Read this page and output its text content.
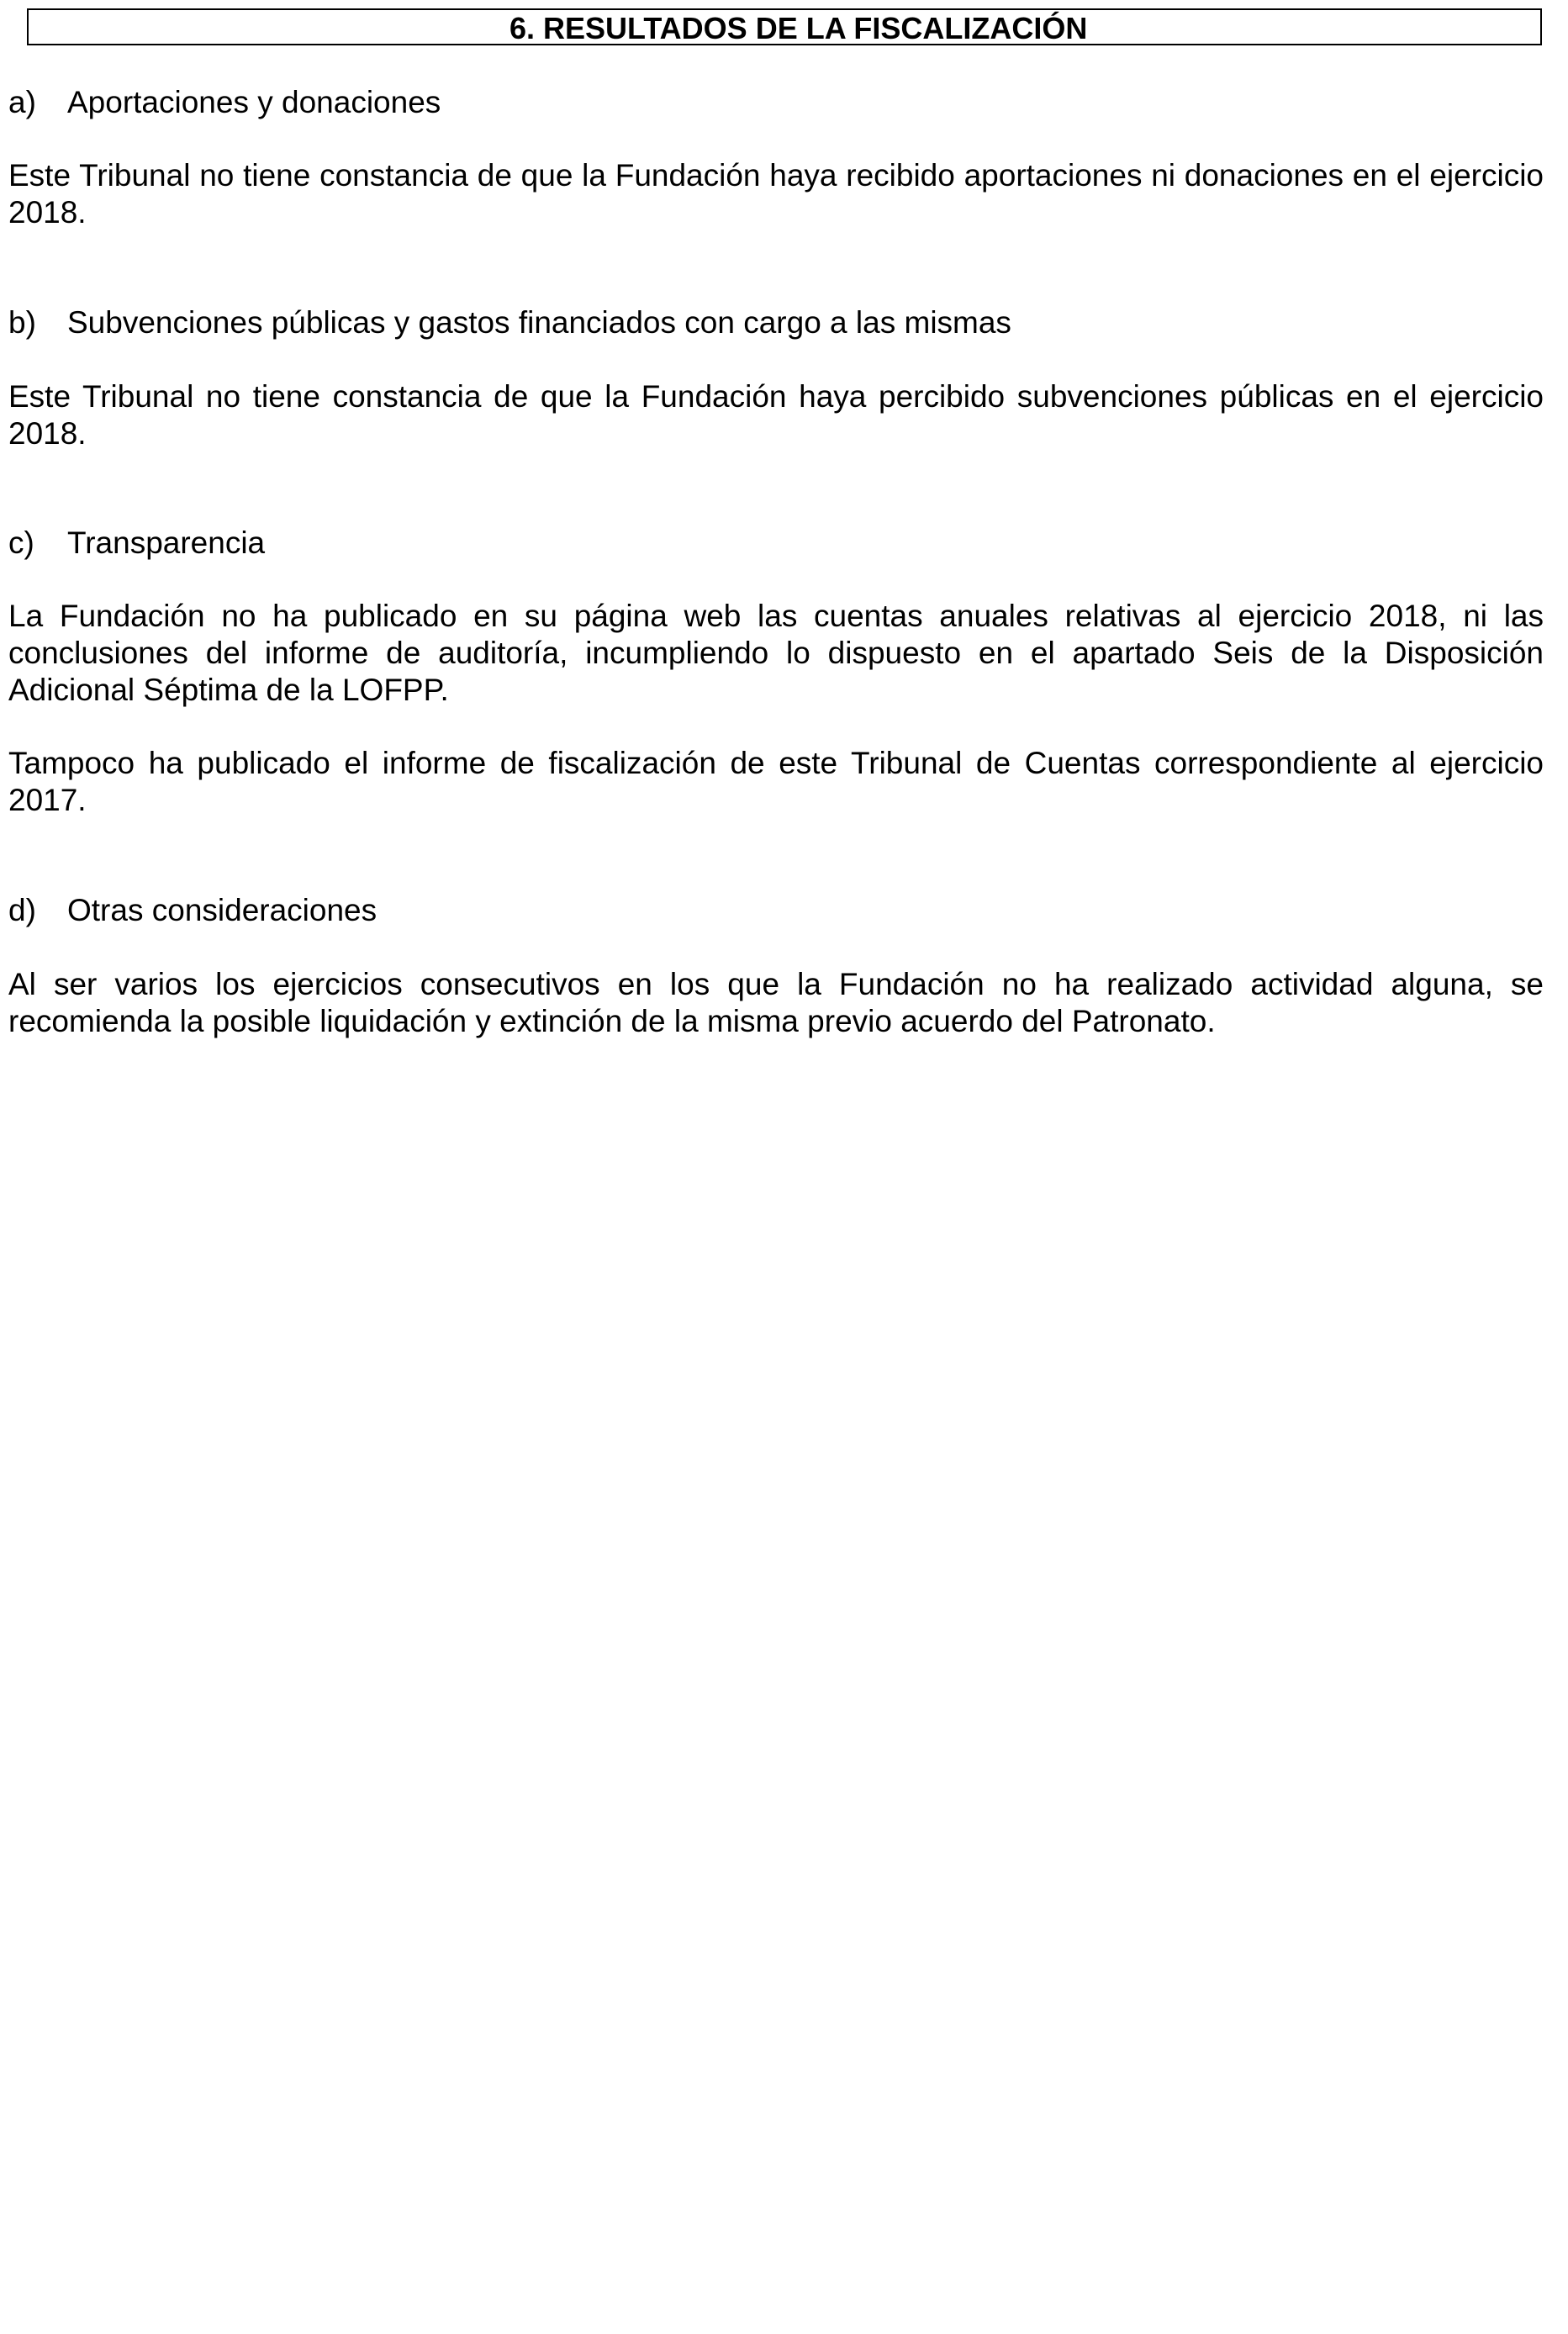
6. RESULTADOS DE LA FISCALIZACIÓN
a) Aportaciones y donaciones

Este Tribunal no tiene constancia de que la Fundación haya recibido aportaciones ni donaciones en el ejercicio 2018.

b) Subvenciones públicas y gastos financiados con cargo a las mismas

Este Tribunal no tiene constancia de que la Fundación haya percibido subvenciones públicas en el ejercicio 2018.

c) Transparencia

La Fundación no ha publicado en su página web las cuentas anuales relativas al ejercicio 2018, ni las conclusiones del informe de auditoría, incumpliendo lo dispuesto en el apartado Seis de la Disposición Adicional Séptima de la LOFPP.

Tampoco ha publicado el informe de fiscalización de este Tribunal de Cuentas correspondiente al ejercicio 2017.

d) Otras consideraciones

Al ser varios los ejercicios consecutivos en los que la Fundación no ha realizado actividad alguna, se recomienda la posible liquidación y extinción de la misma previo acuerdo del Patronato.
